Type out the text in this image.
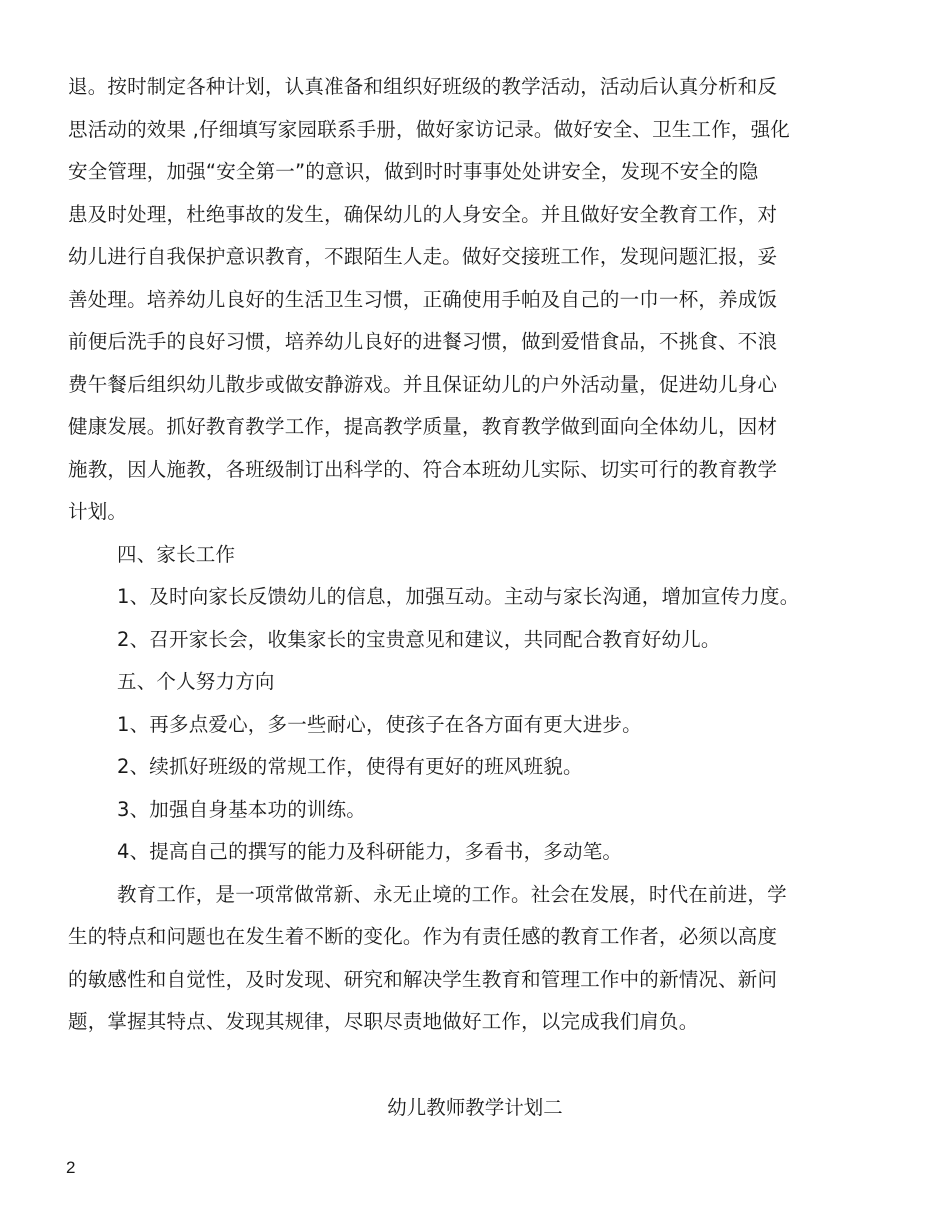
退。按时制定各种计划，认真准备和组织好班级的教学活动，活动后认真分析和反
思活动的效果 ,仔细填写家园联系手册，做好家访记录。做好安全、卫生工作，强化
安全管理，加强“安全第一”的意识，做到时时事事处处讲安全，发现不安全的隐
患及时处理，杜绝事故的发生，确保幼儿的人身安全。并且做好安全教育工作，对
幼儿进行自我保护意识教育，不跟陌生人走。做好交接班工作，发现问题汇报，妥
善处理。培养幼儿良好的生活卫生习惯，正确使用手帕及自己的一巾一杯，养成饭
前便后洗手的良好习惯，培养幼儿良好的进餐习惯，做到爱惜食品，不挑食、不浪
费午餐后组织幼儿散步或做安静游戏。并且保证幼儿的户外活动量，促进幼儿身心
健康发展。抓好教育教学工作，提高教学质量，教育教学做到面向全体幼儿，因材
施教，因人施教，各班级制订出科学的、符合本班幼儿实际、切实可行的教育教学
计划。
四、家长工作
1、及时向家长反馈幼儿的信息，加强互动。主动与家长沟通，增加宣传力度。
2、召开家长会，收集家长的宝贵意见和建议，共同配合教育好幼儿。
五、个人努力方向
1、再多点爱心，多一些耐心，使孩子在各方面有更大进步。
2、续抓好班级的常规工作，使得有更好的班风班貌。
3、加强自身基本功的训练。
4、提高自己的撰写的能力及科研能力，多看书，多动笔。
教育工作，是一项常做常新、永无止境的工作。社会在发展，时代在前进，学
生的特点和问题也在发生着不断的变化。作为有责任感的教育工作者，必须以高度
的敏感性和自觉性，及时发现、研究和解决学生教育和管理工作中的新情况、新问
题，掌握其特点、发现其规律，尽职尽责地做好工作，以完成我们肩负。
幼儿教师教学计划二
2
